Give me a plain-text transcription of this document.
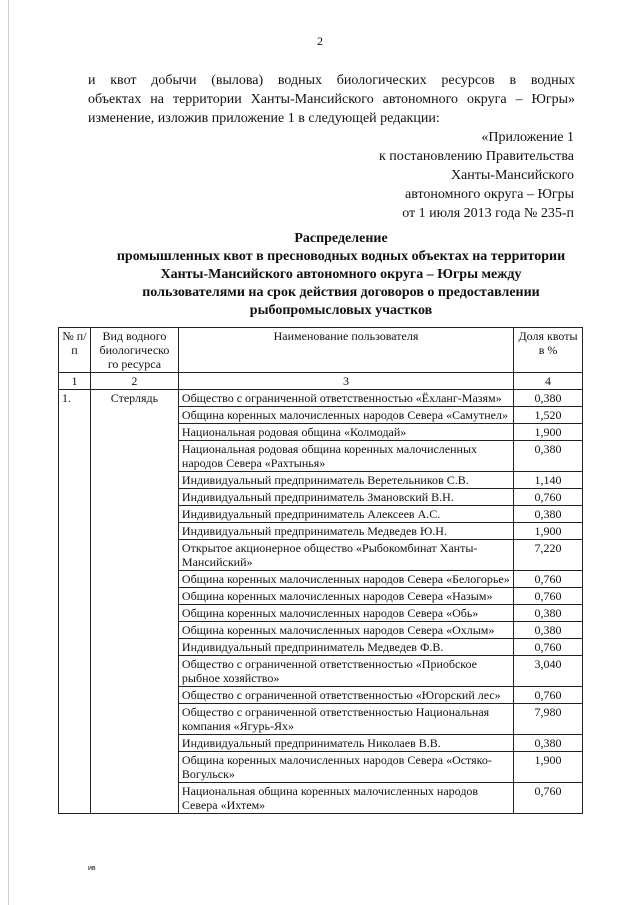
2
и квот добычи (вылова) водных биологических ресурсов в водных
объектах на территории Ханты-Мансийского автономного округа – Югры»
изменение, изложив приложение 1 в следующей редакции:
«Приложение 1
к постановлению Правительства
Ханты-Мансийского
автономного округа – Югры
от 1 июля 2013 года № 235-п
Распределение
промышленных квот в пресноводных водных объектах на территории
Ханты-Мансийского автономного округа – Югры между
пользователями на срок действия договоров о предоставлении
рыбопромысловых участков
№ п/п	Вид водного биологическо го ресурса	Наименование пользователя	Доля квоты в %
1	2	3	4
1.	Стерлядь	Общество с ограниченной ответственностью «Ёхланг-Мазям»	0,380
		Община коренных малочисленных народов Севера «Самутнел»	1,520
		Национальная родовая община «Колмодай»	1,900
		Национальная родовая община коренных малочисленных народов Севера «Рахтынья»	0,380
		Индивидуальный предприниматель Веретельников С.В.	1,140
		Индивидуальный предприниматель Змановский В.Н.	0,760
		Индивидуальный предприниматель Алексеев А.С.	0,380
		Индивидуальный предприниматель Медведев Ю.Н.	1,900
		Открытое акционерное общество «Рыбокомбинат Ханты-Мансийский»	7,220
		Община коренных малочисленных народов Севера «Белогорье»	0,760
		Община коренных малочисленных народов Севера «Назым»	0,760
		Община коренных малочисленных народов Севера «Обь»	0,380
		Община коренных малочисленных народов Севера «Охлым»	0,380
		Индивидуальный предприниматель Медведев Ф.В.	0,760
		Общество с ограниченной ответственностью «Приобское рыбное хозяйство»	3,040
		Общество с ограниченной ответственностью «Югорский лес»	0,760
		Общество с ограниченной ответственностью Национальная компания «Ягурь-Ях»	7,980
		Индивидуальный предприниматель Николаев В.В.	0,380
		Община коренных малочисленных народов Севера «Остяко-Вогульск»	1,900
		Национальная община коренных малочисленных народов Севера «Ихтем»	0,760
ив
